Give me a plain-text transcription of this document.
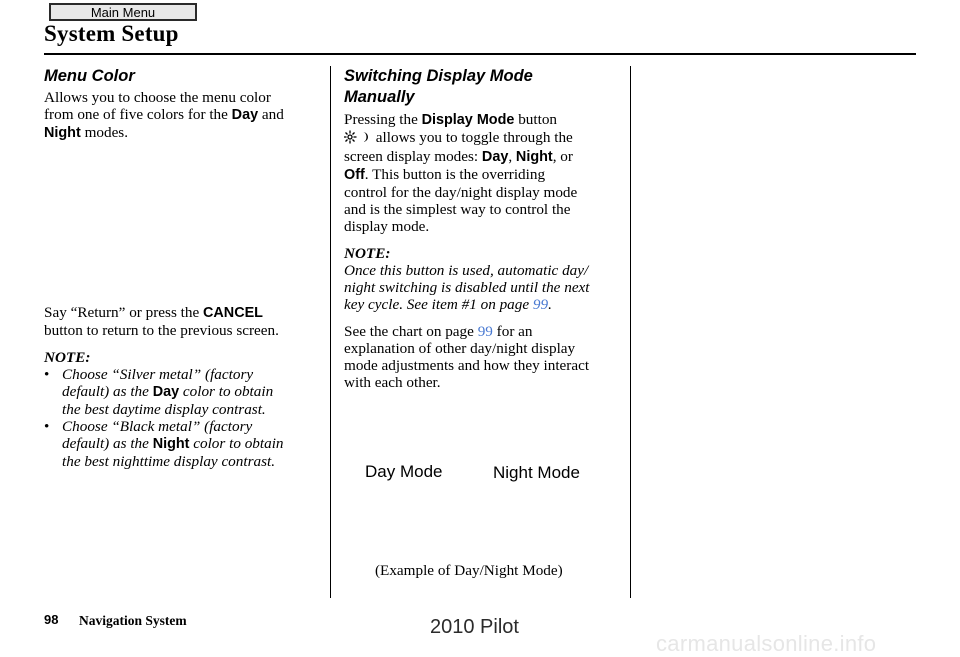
Main Menu
System Setup
Menu Color

Allows you to choose the menu color
from one of five colors for the Day and
Night modes.

Say “Return” or press the CANCEL
button to return to the previous screen.

NOTE:

• Choose “Silver metal” (factory
default) as the Day color to obtain
the best daytime display contrast.
• Choose “Black metal” (factory
default) as the Night color to obtain
the best nighttime display contrast.
Switching Display Mode
Manually

Pressing the Display Mode button
allows you to toggle through the
screen display modes: Day, Night, or
Off. This button is the overriding
control for the day/night display mode
and is the simplest way to control the
display mode.

NOTE:

Once this button is used, automatic day/
night switching is disabled until the next
key cycle. See item #1 on page 99.

See the chart on page 99 for an
explanation of other day/night display
mode adjustments and how they interact
with each other.

Day Mode	Night Mode
(Example of Day/Night Mode)
98 Navigation System	2010 Pilot
carmanualsonline.info
